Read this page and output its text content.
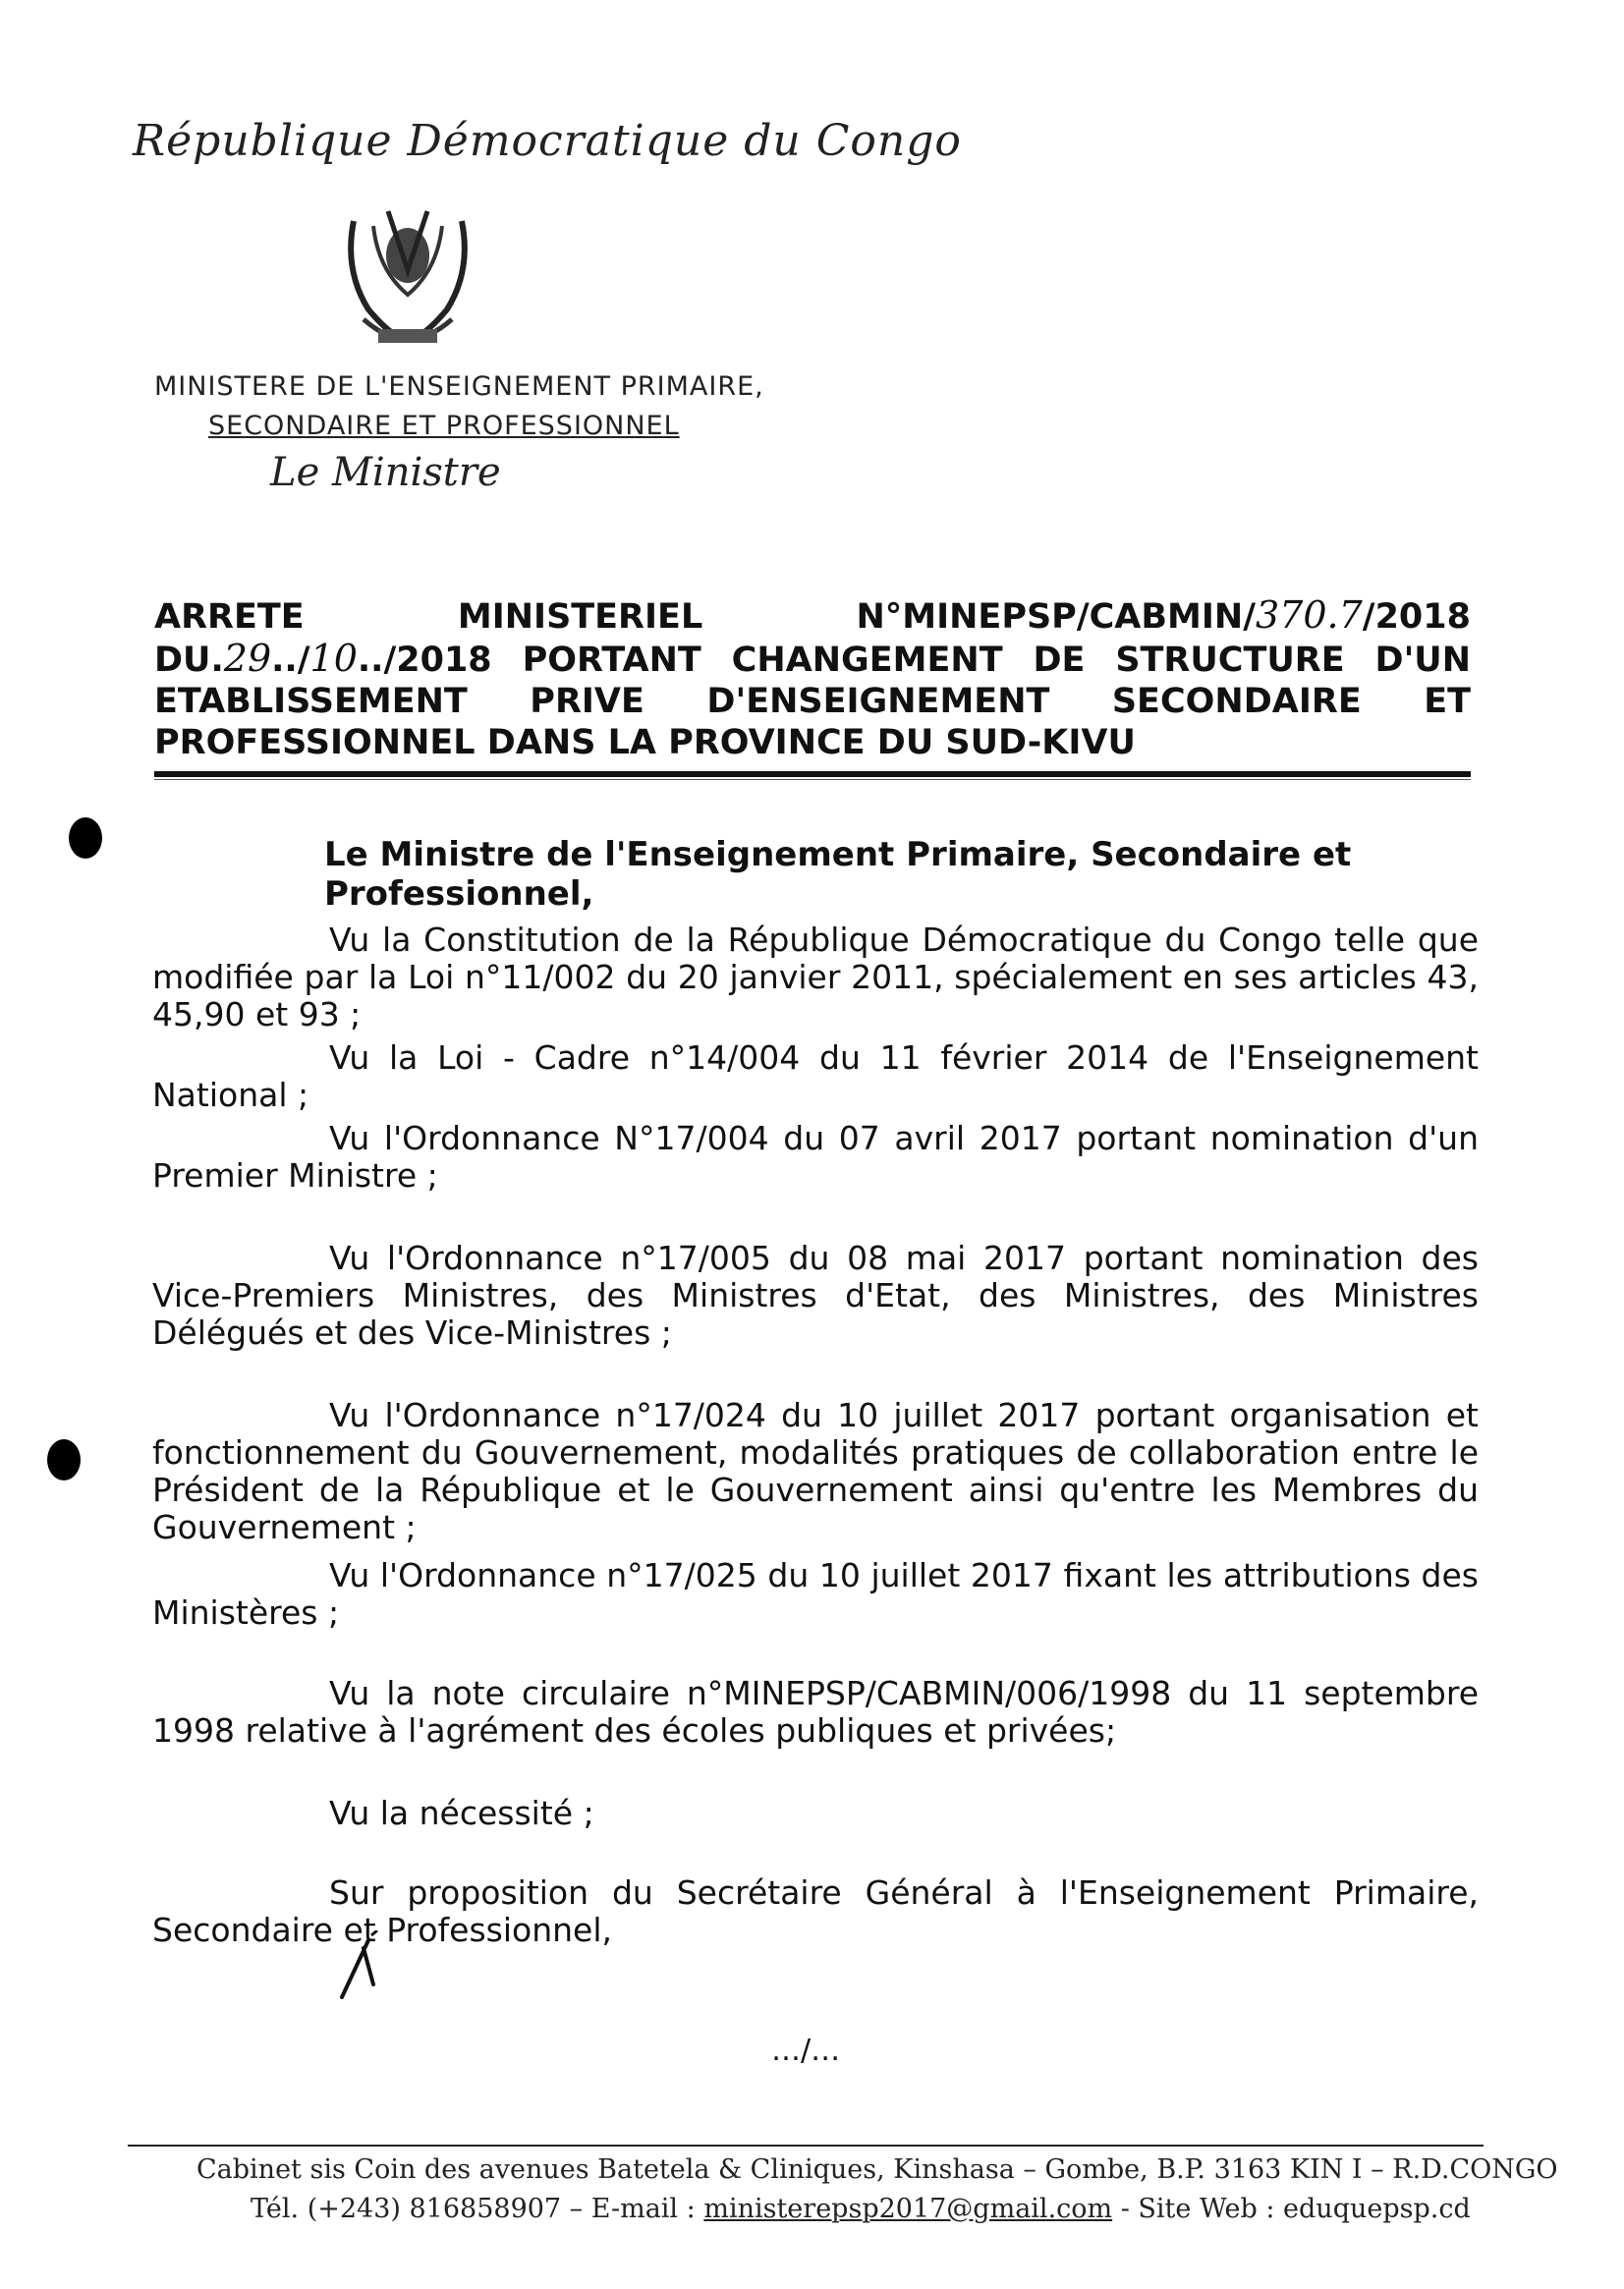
République Démocratique du Congo
MINISTERE DE L'ENSEIGNEMENT PRIMAIRE,
SECONDAIRE ET PROFESSIONNEL
Le Ministre
ARRETE MINISTERIEL N°MINEPSP/CABMIN/370.7/2018 DU.29../10../2018 PORTANT CHANGEMENT DE STRUCTURE D'UN ETABLISSEMENT PRIVE D'ENSEIGNEMENT SECONDAIRE ET PROFESSIONNEL DANS LA PROVINCE DU SUD-KIVU
Le Ministre de l'Enseignement Primaire, Secondaire et Professionnel,
Vu la Constitution de la République Démocratique du Congo telle que modifiée par la Loi n°11/002 du 20 janvier 2011, spécialement en ses articles 43, 45,90 et 93 ;
Vu la Loi - Cadre n°14/004 du 11 février 2014 de l'Enseignement National ;
Vu l'Ordonnance N°17/004 du 07 avril 2017 portant nomination d'un Premier Ministre ;
Vu l'Ordonnance n°17/005 du 08 mai 2017 portant nomination des Vice-Premiers Ministres, des Ministres d'Etat, des Ministres, des Ministres Délégués et des Vice-Ministres ;
Vu l'Ordonnance n°17/024 du 10 juillet 2017 portant organisation et fonctionnement du Gouvernement, modalités pratiques de collaboration entre le Président de la République et le Gouvernement ainsi qu'entre les Membres du Gouvernement ;
Vu l'Ordonnance n°17/025 du 10 juillet 2017 fixant les attributions des Ministères ;
Vu la note circulaire n°MINEPSP/CABMIN/006/1998 du 11 septembre 1998 relative à l'agrément des écoles publiques et privées;
Vu la nécessité ;
Sur proposition du Secrétaire Général à l'Enseignement Primaire, Secondaire et Professionnel,
…/…
Cabinet sis Coin des avenues Batetela & Cliniques, Kinshasa – Gombe, B.P. 3163 KIN I – R.D.CONGO
Tél. (+243) 816858907 – E-mail : ministerepsp2017@gmail.com - Site Web : eduquepsp.cd
